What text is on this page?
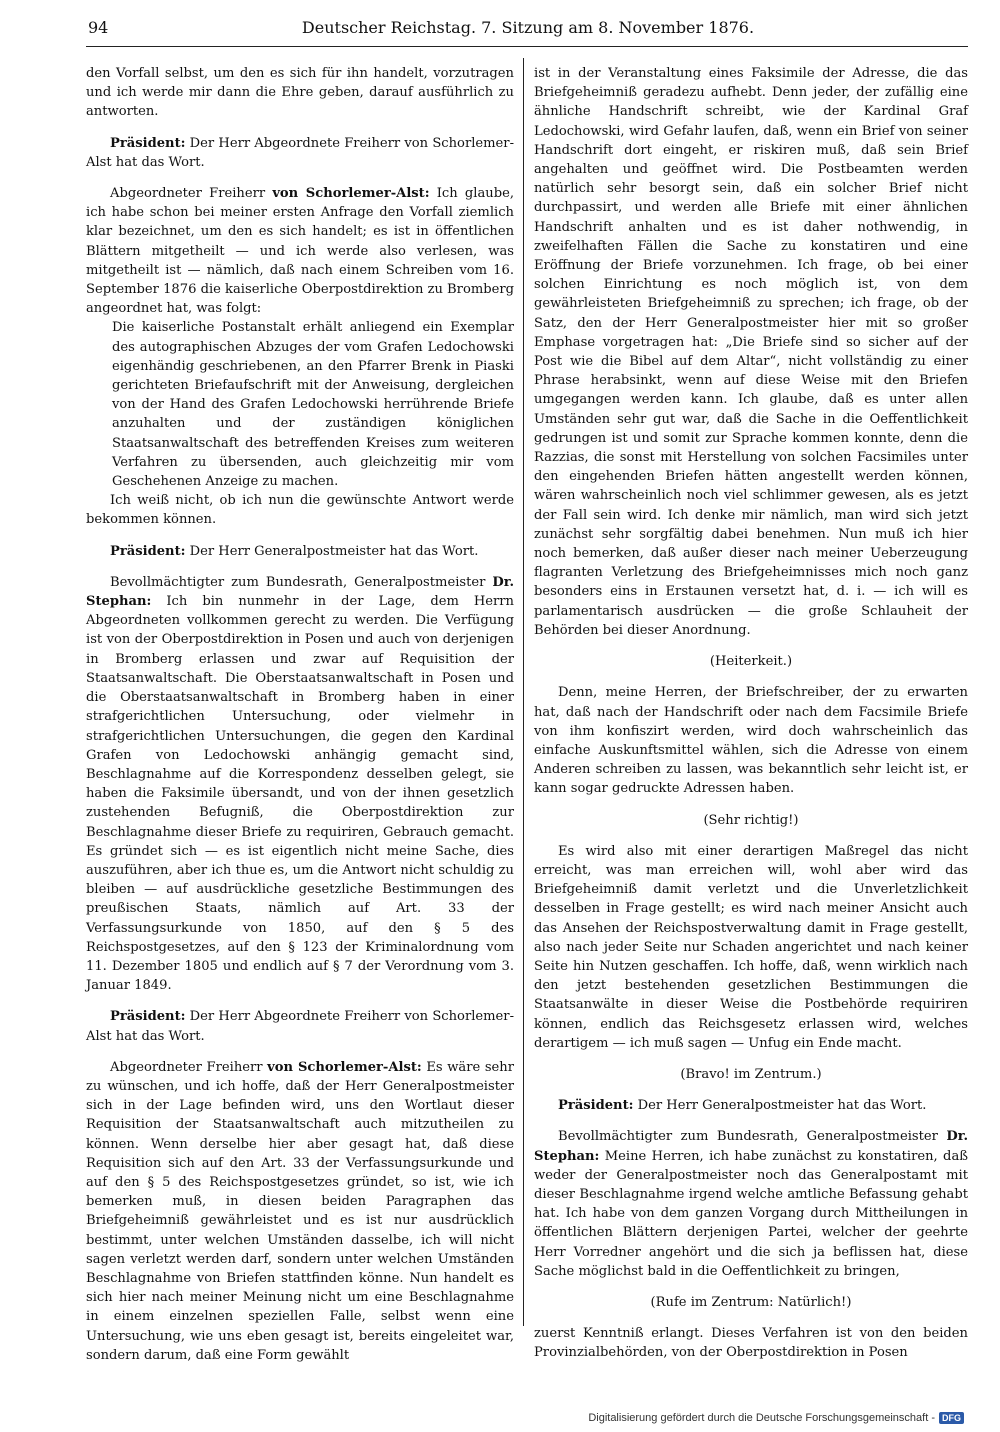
94	Deutscher Reichstag. 7. Sitzung am 8. November 1876.

den Vorfall selbst, um den es sich für ihn handelt, vorzutragen und ich werde mir dann die Ehre geben, darauf ausführlich zu antworten.

Präsident: Der Herr Abgeordnete Freiherr von Schorlemer-Alst hat das Wort.

Abgeordneter Freiherr von Schorlemer-Alst: Ich glaube, ich habe schon bei meiner ersten Anfrage den Vorfall ziemlich klar bezeichnet, um den es sich handelt; es ist in öffentlichen Blättern mitgetheilt — und ich werde also verlesen, was mitgetheilt ist — nämlich, daß nach einem Schreiben vom 16. September 1876 die kaiserliche Oberpostdirektion zu Bromberg angeordnet hat, was folgt:

Die kaiserliche Postanstalt erhält anliegend ein Exemplar des autographischen Abzuges der vom Grafen Ledochowski eigenhändig geschriebenen, an den Pfarrer Brenk in Piaski gerichteten Briefaufschrift mit der Anweisung, dergleichen von der Hand des Grafen Ledochowski herrührende Briefe anzuhalten und der zuständigen königlichen Staatsanwaltschaft des betreffenden Kreises zum weiteren Verfahren zu übersenden, auch gleichzeitig mir vom Geschehenen Anzeige zu machen.

Ich weiß nicht, ob ich nun die gewünschte Antwort werde bekommen können.

Präsident: Der Herr Generalpostmeister hat das Wort.

Bevollmächtigter zum Bundesrath, Generalpostmeister Dr. Stephan: Ich bin nunmehr in der Lage, dem Herrn Abgeordneten vollkommen gerecht zu werden. Die Verfügung ist von der Oberpostdirektion in Posen und auch von derjenigen in Bromberg erlassen und zwar auf Requisition der Staatsanwaltschaft. Die Oberstaatsanwaltschaft in Posen und die Oberstaatsanwaltschaft in Bromberg haben in einer strafgerichtlichen Untersuchung, oder vielmehr in strafgerichtlichen Untersuchungen, die gegen den Kardinal Grafen von Ledochowski anhängig gemacht sind, Beschlagnahme auf die Korrespondenz desselben gelegt, sie haben die Faksimile übersandt, und von der ihnen gesetzlich zustehenden Befugniß, die Oberpostdirektion zur Beschlagnahme dieser Briefe zu requiriren, Gebrauch gemacht. Es gründet sich — es ist eigentlich nicht meine Sache, dies auszuführen, aber ich thue es, um die Antwort nicht schuldig zu bleiben — auf ausdrückliche gesetzliche Bestimmungen des preußischen Staats, nämlich auf Art. 33 der Verfassungsurkunde von 1850, auf den § 5 des Reichspostgesetzes, auf den § 123 der Kriminalordnung vom 11. Dezember 1805 und endlich auf § 7 der Verordnung vom 3. Januar 1849.

Präsident: Der Herr Abgeordnete Freiherr von Schorlemer-Alst hat das Wort.

Abgeordneter Freiherr von Schorlemer-Alst: Es wäre sehr zu wünschen, und ich hoffe, daß der Herr Generalpostmeister sich in der Lage befinden wird, uns den Wortlaut dieser Requisition der Staatsanwaltschaft auch mitzutheilen zu können. Wenn derselbe hier aber gesagt hat, daß diese Requisition sich auf den Art. 33 der Verfassungsurkunde und auf den § 5 des Reichspostgesetzes gründet, so ist, wie ich bemerken muß, in diesen beiden Paragraphen das Briefgeheimniß gewährleistet und es ist nur ausdrücklich bestimmt, unter welchen Umständen dasselbe, ich will nicht sagen verletzt werden darf, sondern unter welchen Umständen Beschlagnahme von Briefen stattfinden könne. Nun handelt es sich hier nach meiner Meinung nicht um eine Beschlagnahme in einem einzelnen speziellen Falle, selbst wenn eine Untersuchung, wie uns eben gesagt ist, bereits eingeleitet war, sondern darum, daß eine Form gewählt

ist in der Veranstaltung eines Faksimile der Adresse, die das Briefgeheimniß geradezu aufhebt. Denn jeder, der zufällig eine ähnliche Handschrift schreibt, wie der Kardinal Graf Ledochowski, wird Gefahr laufen, daß, wenn ein Brief von seiner Handschrift dort eingeht, er riskiren muß, daß sein Brief angehalten und geöffnet wird. Die Postbeamten werden natürlich sehr besorgt sein, daß ein solcher Brief nicht durchpassirt, und werden alle Briefe mit einer ähnlichen Handschrift anhalten und es ist daher nothwendig, in zweifelhaften Fällen die Sache zu konstatiren und eine Eröffnung der Briefe vorzunehmen. Ich frage, ob bei einer solchen Einrichtung es noch möglich ist, von dem gewährleisteten Briefgeheimniß zu sprechen; ich frage, ob der Satz, den der Herr Generalpostmeister hier mit so großer Emphase vorgetragen hat: „Die Briefe sind so sicher auf der Post wie die Bibel auf dem Altar“, nicht vollständig zu einer Phrase herabsinkt, wenn auf diese Weise mit den Briefen umgegangen werden kann. Ich glaube, daß es unter allen Umständen sehr gut war, daß die Sache in die Oeffentlichkeit gedrungen ist und somit zur Sprache kommen konnte, denn die Razzias, die sonst mit Herstellung von solchen Facsimiles unter den eingehenden Briefen hätten angestellt werden können, wären wahrscheinlich noch viel schlimmer gewesen, als es jetzt der Fall sein wird. Ich denke mir nämlich, man wird sich jetzt zunächst sehr sorgfältig dabei benehmen. Nun muß ich hier noch bemerken, daß außer dieser nach meiner Ueberzeugung flagranten Verletzung des Briefgeheimnisses mich noch ganz besonders eins in Erstaunen versetzt hat, d. i. — ich will es parlamentarisch ausdrücken — die große Schlauheit der Behörden bei dieser Anordnung.

(Heiterkeit.)

Denn, meine Herren, der Briefschreiber, der zu erwarten hat, daß nach der Handschrift oder nach dem Facsimile Briefe von ihm konfiszirt werden, wird doch wahrscheinlich das einfache Auskunftsmittel wählen, sich die Adresse von einem Anderen schreiben zu lassen, was bekanntlich sehr leicht ist, er kann sogar gedruckte Adressen haben.

(Sehr richtig!)

Es wird also mit einer derartigen Maßregel das nicht erreicht, was man erreichen will, wohl aber wird das Briefgeheimniß damit verletzt und die Unverletzlichkeit desselben in Frage gestellt; es wird nach meiner Ansicht auch das Ansehen der Reichspostverwaltung damit in Frage gestellt, also nach jeder Seite nur Schaden angerichtet und nach keiner Seite hin Nutzen geschaffen. Ich hoffe, daß, wenn wirklich nach den jetzt bestehenden gesetzlichen Bestimmungen die Staatsanwälte in dieser Weise die Postbehörde requiriren können, endlich das Reichsgesetz erlassen wird, welches derartigem — ich muß sagen — Unfug ein Ende macht.

(Bravo! im Zentrum.)

Präsident: Der Herr Generalpostmeister hat das Wort.

Bevollmächtigter zum Bundesrath, Generalpostmeister Dr. Stephan: Meine Herren, ich habe zunächst zu konstatiren, daß weder der Generalpostmeister noch das Generalpostamt mit dieser Beschlagnahme irgend welche amtliche Befassung gehabt hat. Ich habe von dem ganzen Vorgang durch Mittheilungen in öffentlichen Blättern derjenigen Partei, welcher der geehrte Herr Vorredner angehört und die sich ja beflissen hat, diese Sache möglichst bald in die Oeffentlichkeit zu bringen,

(Rufe im Zentrum: Natürlich!)

zuerst Kenntniß erlangt. Dieses Verfahren ist von den beiden Provinzialbehörden, von der Oberpostdirektion in Posen

Digitalisierung gefördert durch die Deutsche Forschungsgemeinschaft - DFG
